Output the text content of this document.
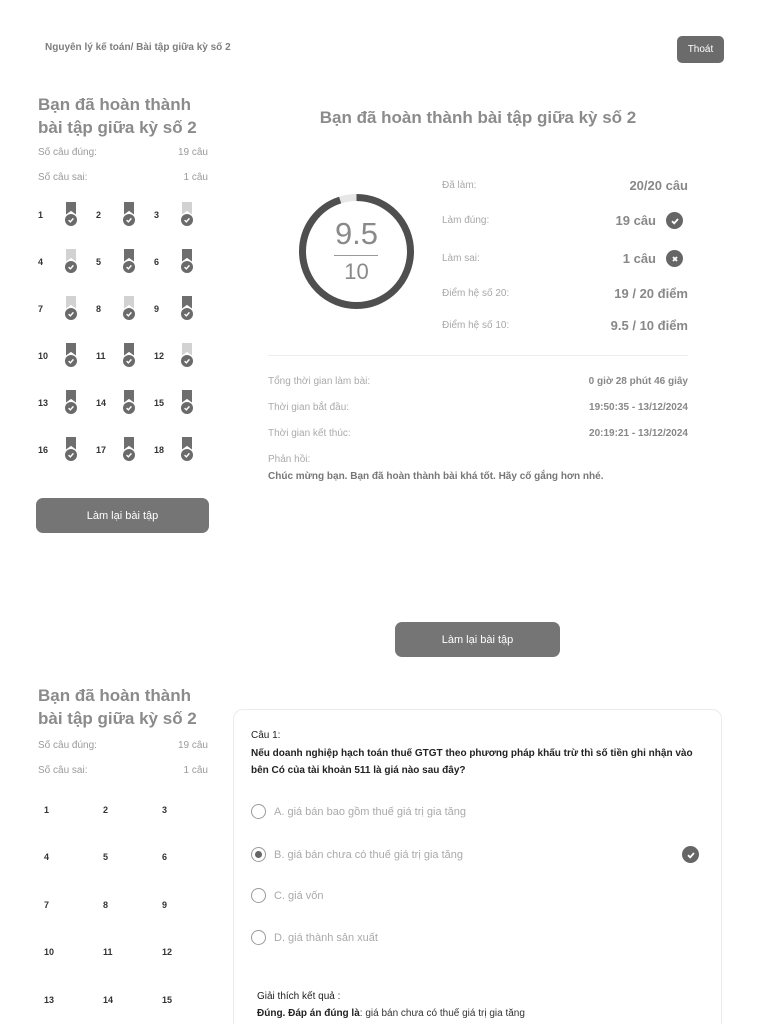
Nguyên lý kế toán/ Bài tập giữa kỳ số 2	Thoát
Bạn đã hoàn thành
bài tập giữa kỳ số 2
Số câu đúng:	19 câu
Số câu sai:	1 câu
1	2	3
4	5	6
7	8	9
10	11	12
13	14	15
16	17	18
Làm lại bài tập
Bạn đã hoàn thành bài tập giữa kỳ số 2
9.5
10
Đã làm:	20/20 câu
Làm đúng:	19 câu
Làm sai:	1 câu
Điểm hệ số 20:	19 / 20 điểm
Điểm hệ số 10:	9.5 / 10 điểm
Tổng thời gian làm bài:	0 giờ 28 phút 46 giây
Thời gian bắt đầu:	19:50:35 - 13/12/2024
Thời gian kết thúc:	20:19:21 - 13/12/2024
Phản hồi:
Chúc mừng bạn. Bạn đã hoàn thành bài khá tốt. Hãy cố gắng hơn nhé.
Làm lại bài tập
Bạn đã hoàn thành
bài tập giữa kỳ số 2
Số câu đúng:	19 câu
Số câu sai:	1 câu
1	2	3
4	5	6
7	8	9
10	11	12
13	14	15
Câu 1:
Nếu doanh nghiệp hạch toán thuế GTGT theo phương pháp khấu trừ thì số tiền ghi nhận vào bên Có của tài khoản 511 là giá nào sau đây?
A. giá bán bao gồm thuế giá trị gia tăng
B. giá bán chưa có thuế giá trị gia tăng
C. giá vốn
D. giá thành sản xuất
Giải thích kết quả :
Đúng. Đáp án đúng là: giá bán chưa có thuế giá trị gia tăng
